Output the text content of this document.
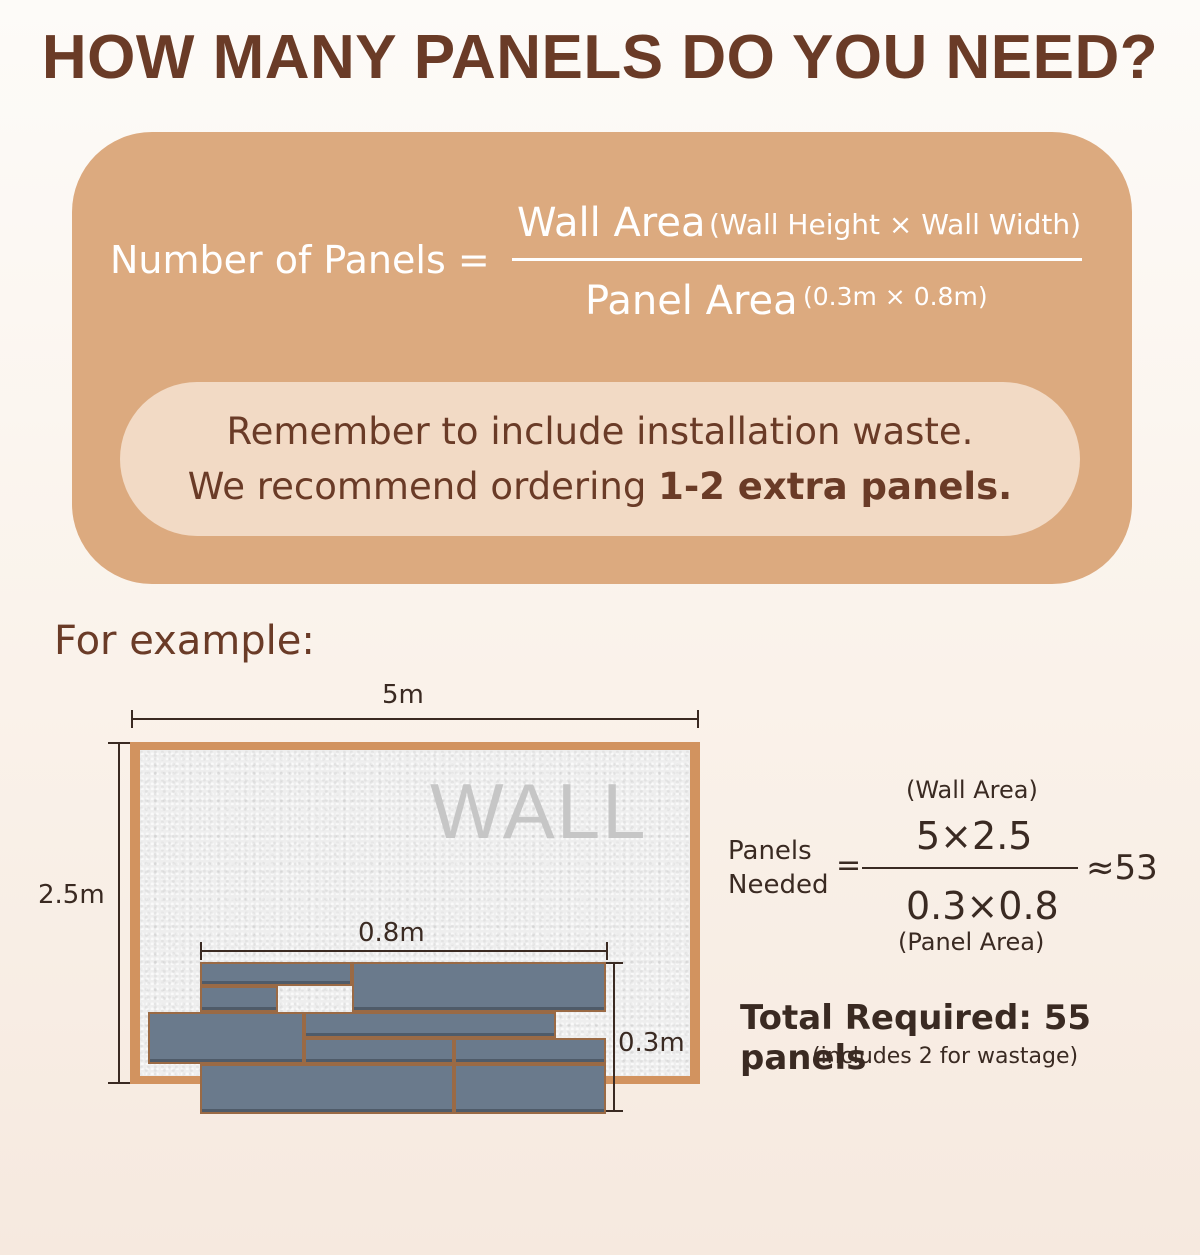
HOW MANY PANELS DO YOU NEED?
Number of Panels =
Wall Area (Wall Height × Wall Width)
Panel Area (0.3m × 0.8m)
Remember to include installation waste.
We recommend ordering 1-2 extra panels.
For example:
5m
2.5m
WALL
0.8m
0.3m
Panels
Needed
=
(Wall Area)
5×2.5
0.3×0.8
(Panel Area)
≈53
Total Required: 55 panels
(includes 2 for wastage)
